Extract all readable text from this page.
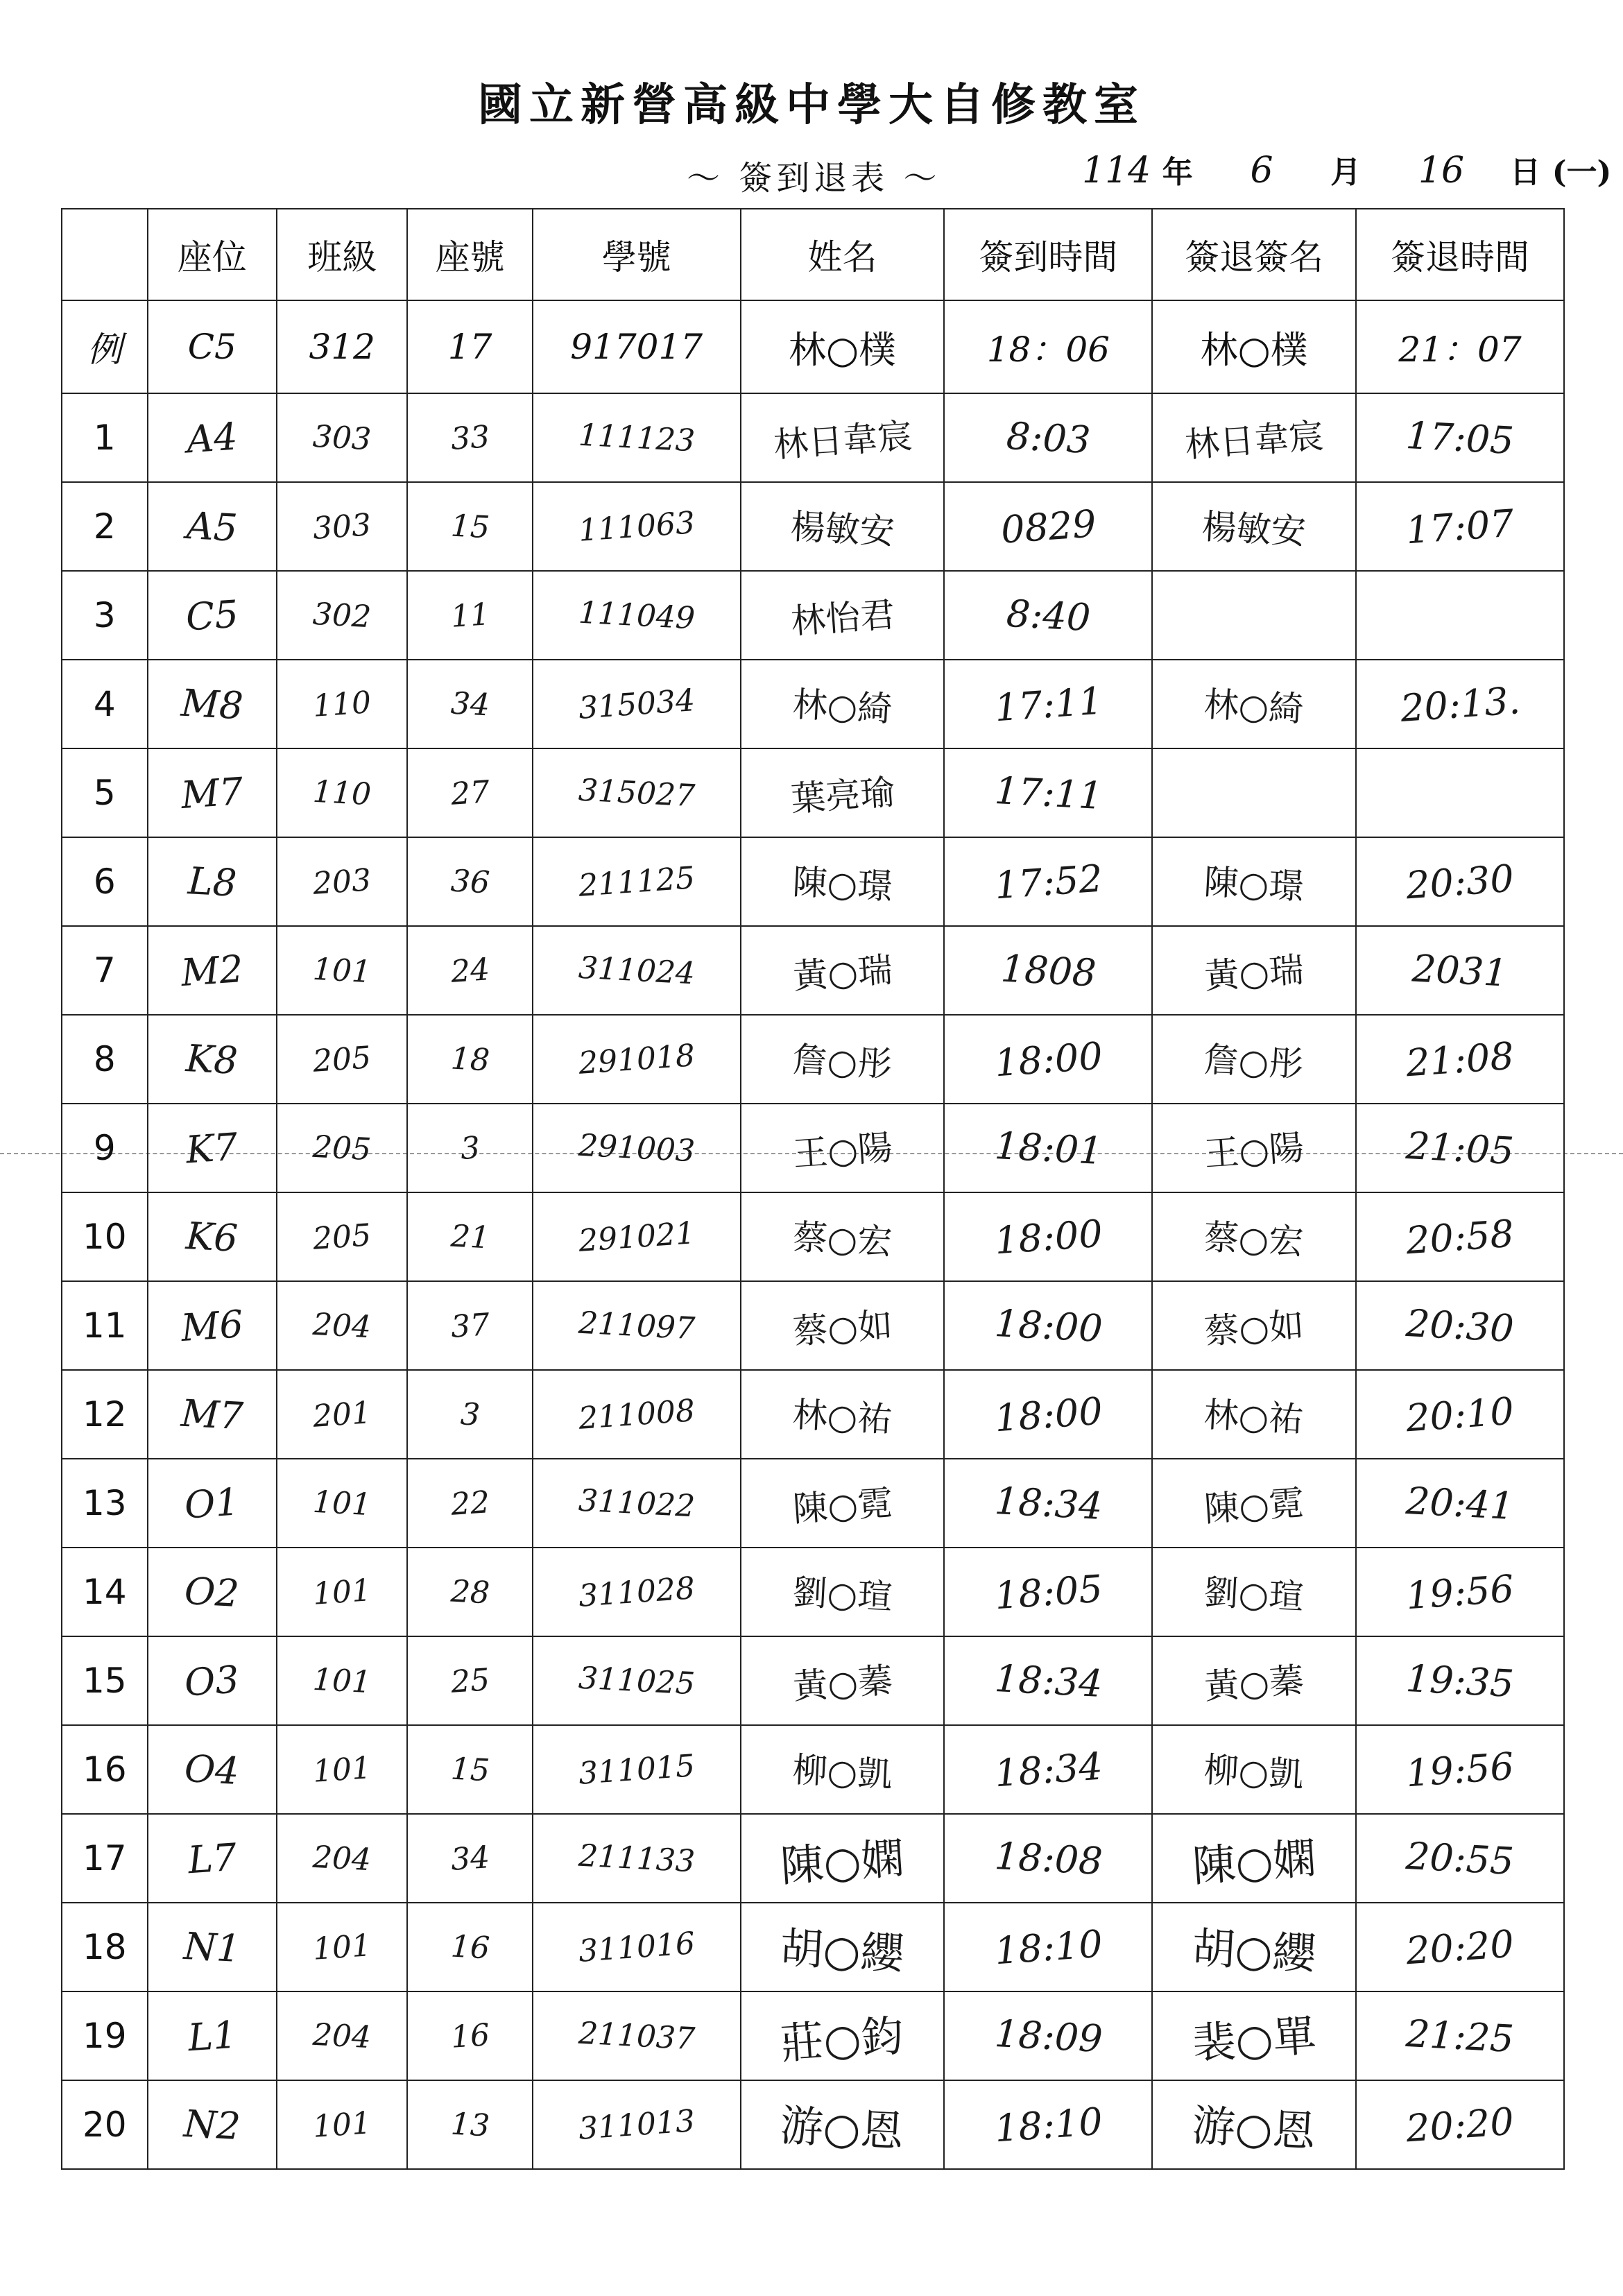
國立新營高級中學大自修教室
～ 簽到退表 ～	114 年 6 月 16 日 (一)
	座位	班級	座號	學號	姓名	簽到時間	簽退簽名	簽退時間
例	C5	312	17	917017	林○樸	18：06	林○樸	21：07
1	A4	303	33	111123	林日韋宸	8:03	林日韋宸	17:05
2	A5	303	15	111063	楊敏安	0829	楊敏安	17:07
3	C5	302	11	111049	林怡君	8:40		
4	M8	110	34	315034	林○綺	17:11	林○綺	20:13.
5	M7	110	27	315027	葉亮瑜	17:11		
6	L8	203	36	211125	陳○璟	17:52	陳○璟	20:30
7	M2	101	24	311024	黃○瑞	1808	黃○瑞	2031
8	K8	205	18	291018	詹○彤	18:00	詹○彤	21:08
9	K7	205	3	291003	王○陽	18:01	王○陽	21:05
10	K6	205	21	291021	蔡○宏	18:00	蔡○宏	20:58
11	M6	204	37	211097	蔡○如	18:00	蔡○如	20:30
12	M7	201	3	211008	林○祐	18:00	林○祐	20:10
13	O1	101	22	311022	陳○霓	18:34	陳○霓	20:41
14	O2	101	28	311028	劉○瑄	18:05	劉○瑄	19:56
15	O3	101	25	311025	黃○蓁	18:34	黃○蓁	19:35
16	O4	101	15	311015	柳○凱	18:34	柳○凱	19:56
17	L7	204	34	211133	陳○嫻	18:08	陳○嫻	20:55
18	N1	101	16	311016	胡○纓	18:10	胡○纓	20:20
19	L1	204	16	211037	莊○鈞	18:09	裴○單	21:25
20	N2	101	13	311013	游○恩	18:10	游○恩	20:20
